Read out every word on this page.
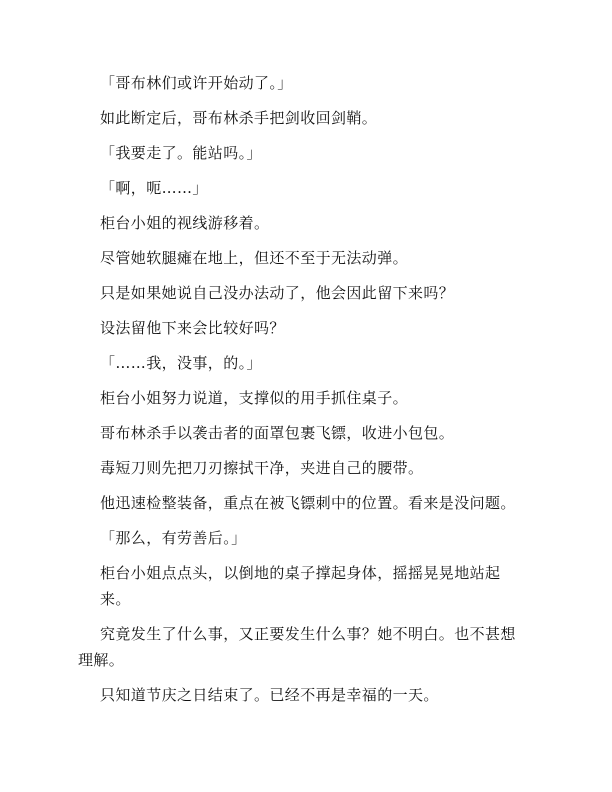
「哥布林们或许开始动了。」

如此断定后，哥布林杀手把剑收回剑鞘。

「我要走了。能站吗。」

「啊，呃……」

柜台小姐的视线游移着。

尽管她软腿瘫在地上，但还不至于无法动弹。

只是如果她说自己没办法动了，他会因此留下来吗？

设法留他下来会比较好吗？

「……我，没事，的。」

柜台小姐努力说道，支撑似的用手抓住桌子。

哥布林杀手以袭击者的面罩包裹飞镖，收进小包包。

毒短刀则先把刀刃擦拭干净，夹进自己的腰带。

他迅速检整装备，重点在被飞镖刺中的位置。看来是没问题。

「那么，有劳善后。」

柜台小姐点点头，以倒地的桌子撑起身体，摇摇晃晃地站起来。

究竟发生了什么事，又正要发生什么事？她不明白。也不甚想理解。

只知道节庆之日结束了。已经不再是幸福的一天。
